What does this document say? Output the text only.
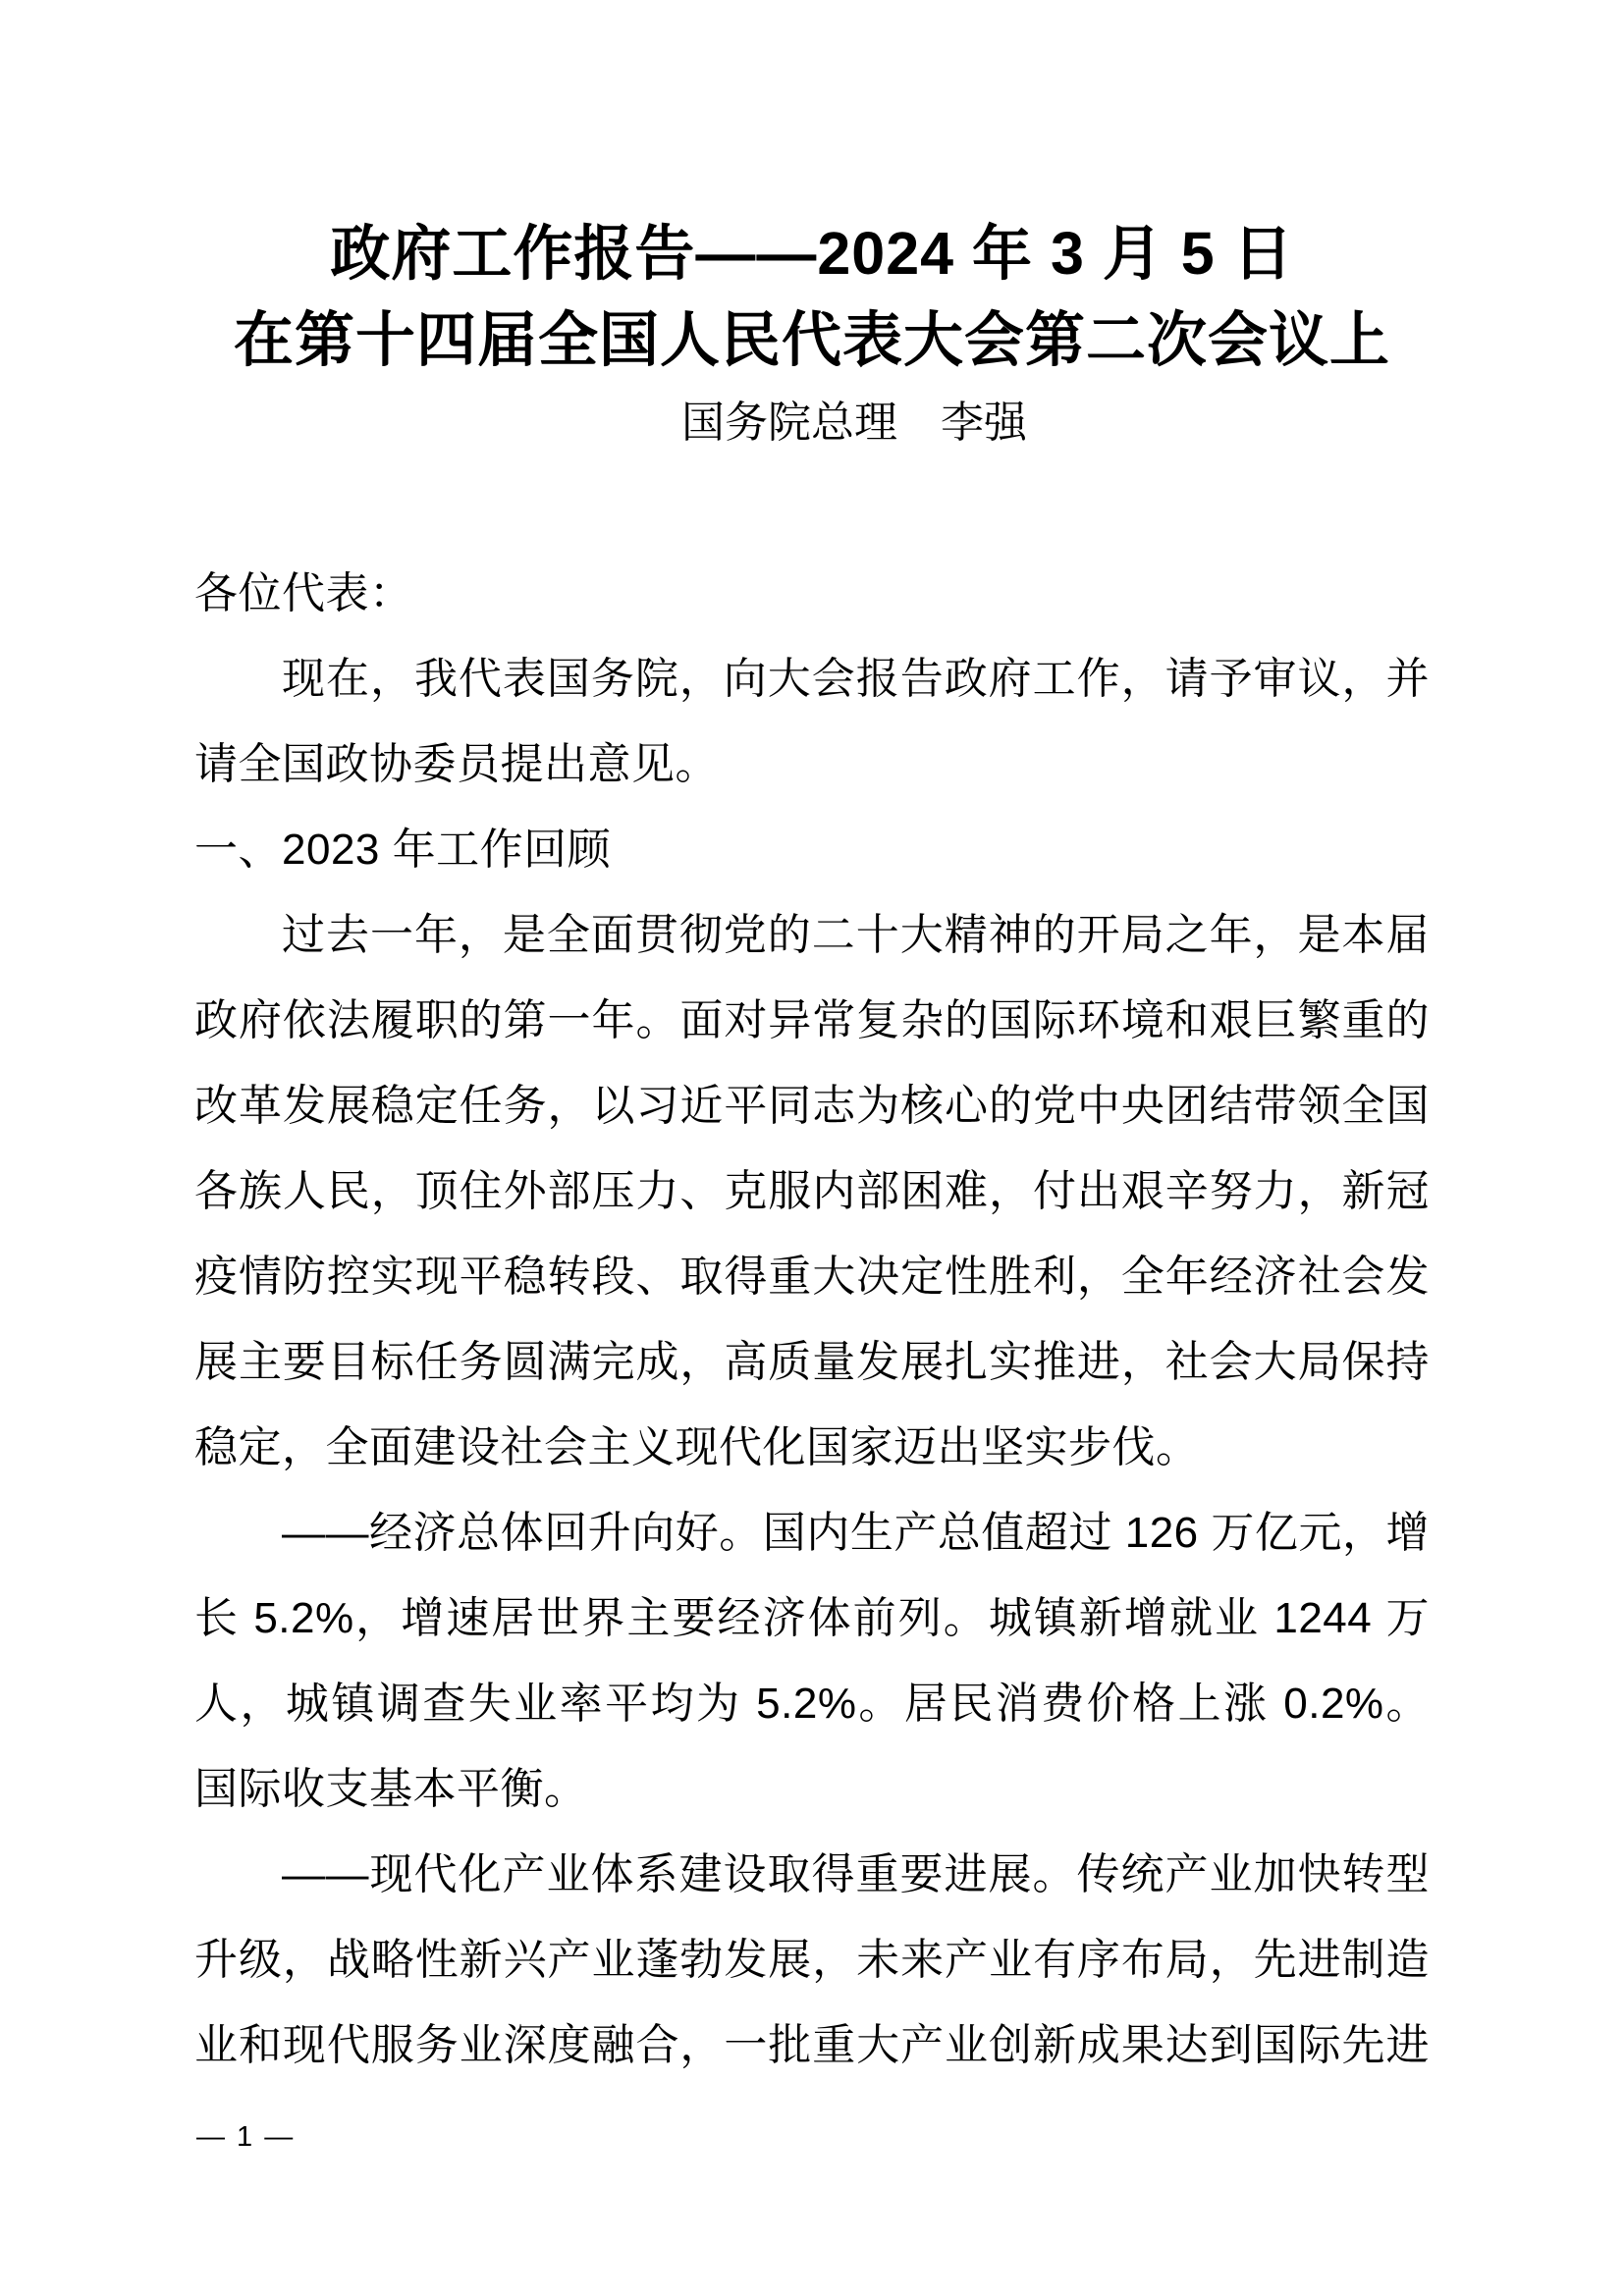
政府工作报告——2024 年 3 月 5 日
在第十四届全国人民代表大会第二次会议上
国务院总理　李强
各位代表：
现在，我代表国务院，向大会报告政府工作，请予审议，并
请全国政协委员提出意见。
一、2023 年工作回顾
过去一年，是全面贯彻党的二十大精神的开局之年，是本届
政府依法履职的第一年。面对异常复杂的国际环境和艰巨繁重的
改革发展稳定任务，以习近平同志为核心的党中央团结带领全国
各族人民，顶住外部压力、克服内部困难，付出艰辛努力，新冠
疫情防控实现平稳转段、取得重大决定性胜利，全年经济社会发
展主要目标任务圆满完成，高质量发展扎实推进，社会大局保持
稳定，全面建设社会主义现代化国家迈出坚实步伐。
——经济总体回升向好。国内生产总值超过 126 万亿元，增
长 5.2%，增速居世界主要经济体前列。城镇新增就业 1244 万
人，城镇调查失业率平均为 5.2%。居民消费价格上涨 0.2%。
国际收支基本平衡。
——现代化产业体系建设取得重要进展。传统产业加快转型
升级，战略性新兴产业蓬勃发展，未来产业有序布局，先进制造
业和现代服务业深度融合，一批重大产业创新成果达到国际先进
— 1 —
